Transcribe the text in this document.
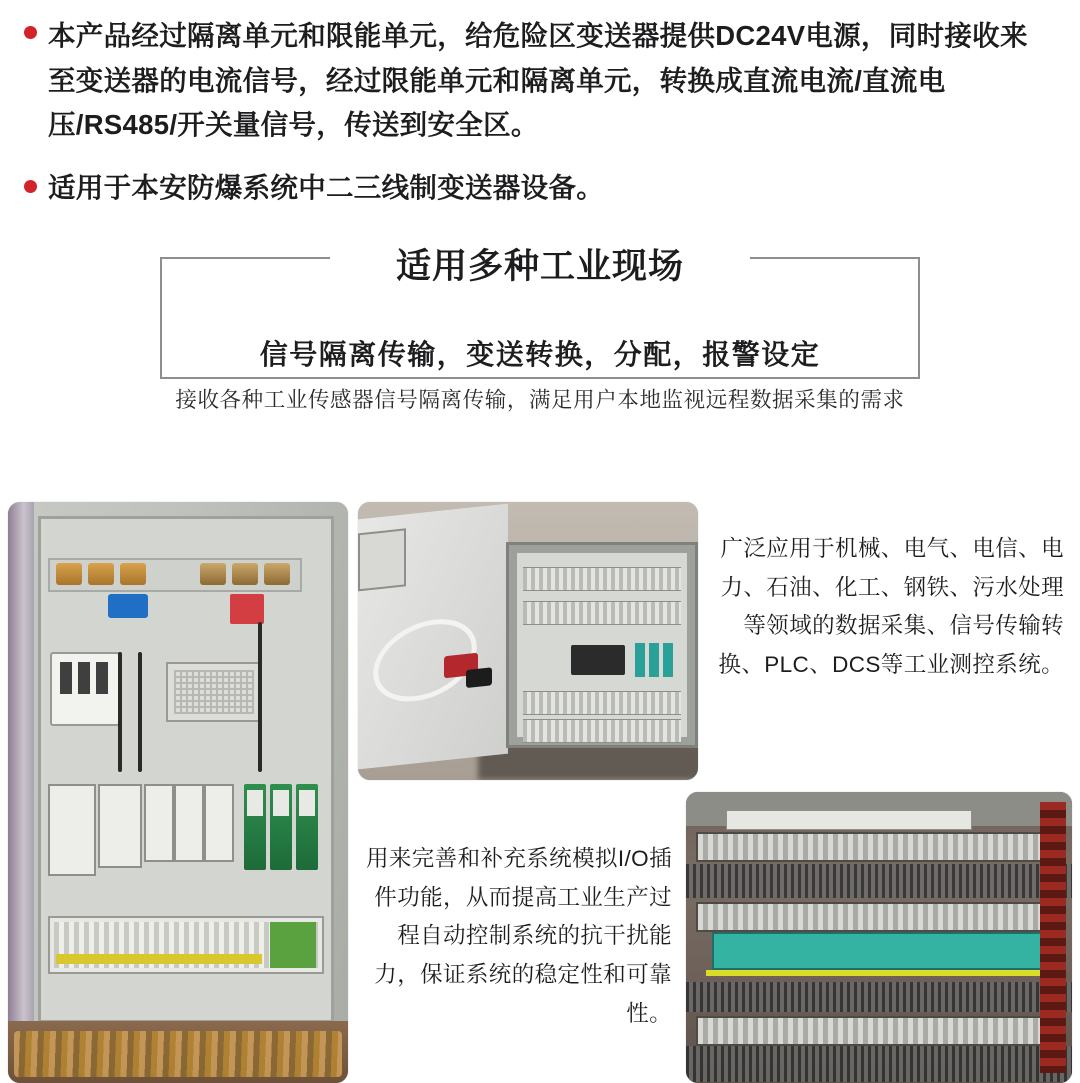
本产品经过隔离单元和限能单元，给危险区变送器提供DC24V电源，同时接收来至变送器的电流信号，经过限能单元和隔离单元，转换成直流电流/直流电压/RS485/开关量信号，传送到安全区。
适用于本安防爆系统中二三线制变送器设备。
适用多种工业现场
信号隔离传输，变送转换，分配，报警设定
接收各种工业传感器信号隔离传输，满足用户本地监视远程数据采集的需求
广泛应用于机械、电气、电信、电力、石油、化工、钢铁、污水处理等领域的数据采集、信号传输转换、PLC、DCS等工业测控系统。
用来完善和补充系统模拟I/O插件功能，从而提高工业生产过程自动控制系统的抗干扰能力，保证系统的稳定性和可靠性。
